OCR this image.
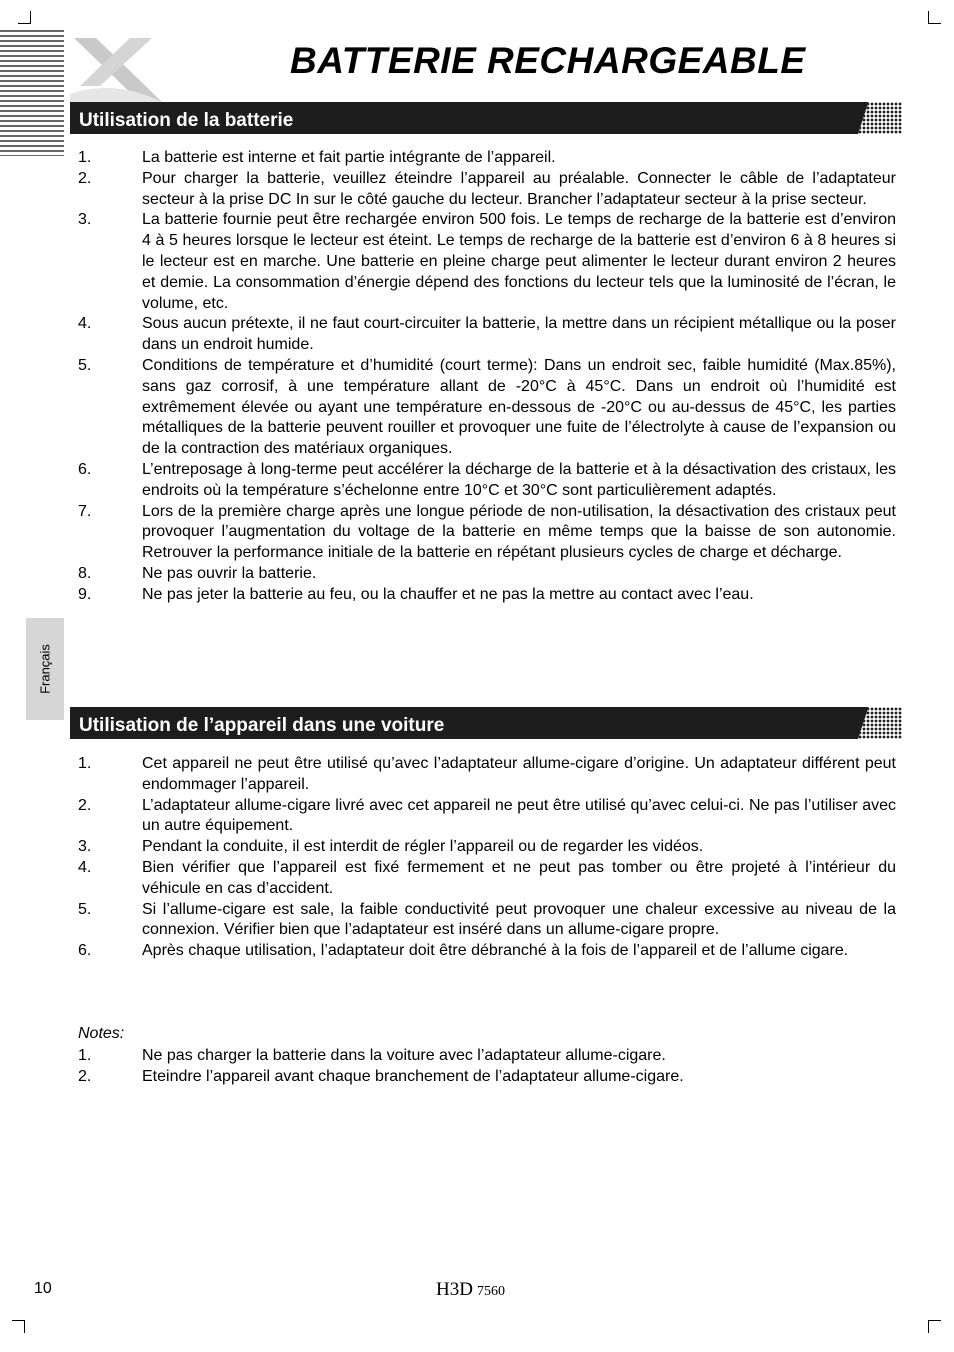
BATTERIE RECHARGEABLE
Utilisation de la batterie
1.	La batterie est interne et fait partie intégrante de l’appareil.
2.	Pour charger la batterie, veuillez éteindre l’appareil au préalable. Connecter le câble de l’adaptateur secteur à la prise DC In sur le côté gauche du lecteur. Brancher l’adaptateur secteur à la prise secteur.
3.	La batterie fournie peut être rechargée environ 500 fois. Le temps de recharge de la batterie est d’environ 4 à 5 heures lorsque le lecteur est éteint. Le temps de recharge de la batterie est d’environ 6 à 8 heures si le lecteur est en marche. Une batterie en pleine charge peut alimenter le lecteur durant environ 2 heures et demie. La consommation d’énergie dépend des fonctions du lecteur tels que la luminosité de l’écran, le volume, etc.
4.	Sous aucun prétexte, il ne faut court-circuiter la batterie, la mettre dans un récipient métallique ou la poser dans un endroit humide.
5.	Conditions de température et d’humidité (court terme): Dans un endroit sec, faible humidité (Max.85%), sans gaz corrosif, à une température allant de -20°C à 45°C. Dans un endroit où l’humidité est extrêmement élevée ou ayant une température en-dessous de -20°C ou au-dessus de 45°C, les parties métalliques de la batterie peuvent rouiller et provoquer une fuite de l’électrolyte à cause de l’expansion ou de la contraction des matériaux organiques.
6.	L’entreposage à long-terme peut accélérer la décharge de la batterie et à la désactivation des cristaux, les endroits où la température s’échelonne entre 10°C et 30°C sont particulièrement adaptés.
7.	Lors de la première charge après une longue période de non-utilisation, la désactivation des cristaux peut provoquer l’augmentation du voltage de la batterie en même temps que la baisse de son autonomie. Retrouver la performance initiale de la batterie en répétant plusieurs cycles de charge et décharge.
8.	Ne pas ouvrir la batterie.
9.	Ne pas jeter la batterie au feu, ou la chauffer et ne pas la mettre au contact avec l’eau.
Utilisation de l’appareil dans une voiture
1.	Cet appareil ne peut être utilisé qu’avec l’adaptateur allume-cigare d’origine. Un adaptateur différent peut endommager l’appareil.
2.	L’adaptateur allume-cigare livré avec cet appareil ne peut être utilisé qu’avec celui-ci. Ne pas l’utiliser avec un autre équipement.
3.	Pendant la conduite, il est interdit de régler l’appareil ou de regarder les vidéos.
4.	Bien vérifier que l’appareil est fixé fermement et ne peut pas tomber ou être projeté à l’intérieur du véhicule en cas d’accident.
5.	Si l’allume-cigare est sale, la faible conductivité peut provoquer une chaleur excessive au niveau de la connexion. Vérifier bien que l’adaptateur est inséré dans un allume-cigare propre.
6.	Après chaque utilisation, l’adaptateur doit être débranché à la fois de l’appareil et de l’allume cigare.
Notes:
1.	Ne pas charger la batterie dans la voiture avec l’adaptateur allume-cigare.
2.	Eteindre l’appareil avant chaque branchement de l’adaptateur allume-cigare.
Français
10	H3D 7560
